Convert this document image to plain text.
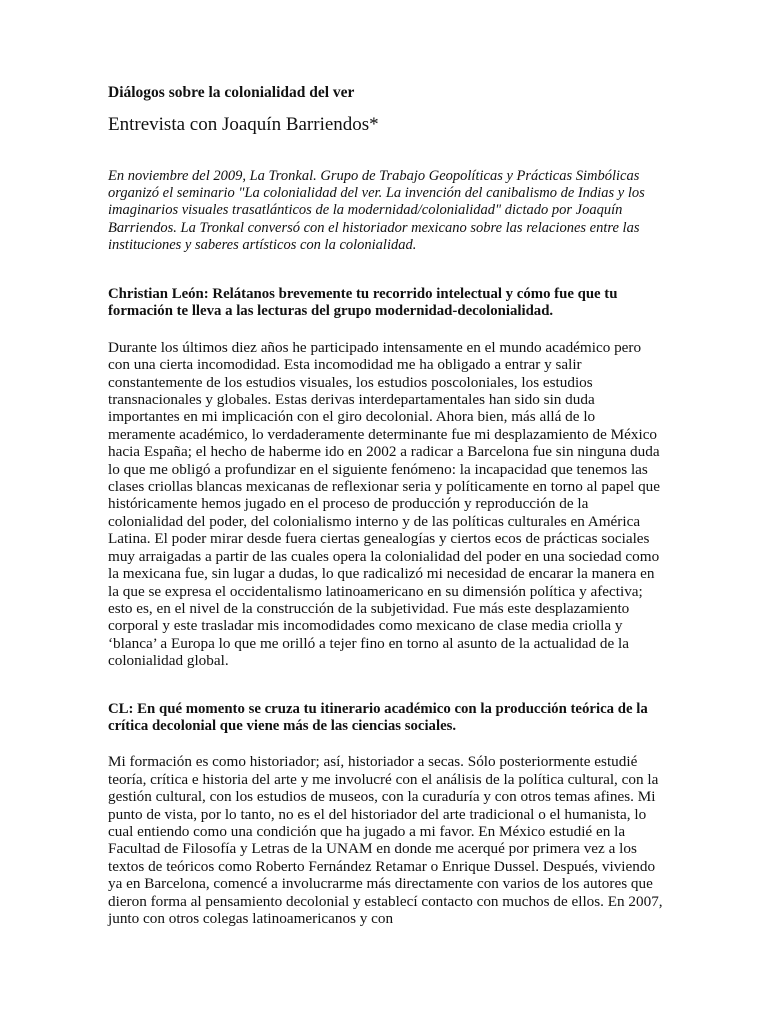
Diálogos sobre la colonialidad del ver
Entrevista con Joaquín Barriendos*

En noviembre del 2009, La Tronkal. Grupo de Trabajo Geopolíticas y Prácticas Simbólicas organizó el seminario "La colonialidad del ver. La invención del canibalismo de Indias y los imaginarios visuales trasatlánticos de la modernidad/colonialidad" dictado por Joaquín Barriendos. La Tronkal conversó con el historiador mexicano sobre las relaciones entre las instituciones y saberes artísticos con la colonialidad.

Christian León: Relátanos brevemente tu recorrido intelectual y cómo fue que tu formación te lleva a las lecturas del grupo modernidad-decolonialidad.

Durante los últimos diez años he participado intensamente en el mundo académico pero con una cierta incomodidad. Esta incomodidad me ha obligado a entrar y salir constantemente de los estudios visuales, los estudios poscoloniales, los estudios transnacionales y globales. Estas derivas interdepartamentales han sido sin duda importantes en mi implicación con el giro decolonial. Ahora bien, más allá de lo meramente académico, lo verdaderamente determinante fue mi desplazamiento de México hacia España; el hecho de haberme ido en 2002 a radicar a Barcelona fue sin ninguna duda lo que me obligó a profundizar en el siguiente fenómeno: la incapacidad que tenemos las clases criollas blancas mexicanas de reflexionar seria y políticamente en torno al papel que históricamente hemos jugado en el proceso de producción y reproducción de la colonialidad del poder, del colonialismo interno y de las políticas culturales en América Latina. El poder mirar desde fuera ciertas genealogías y ciertos ecos de prácticas sociales muy arraigadas a partir de las cuales opera la colonialidad del poder en una sociedad como la mexicana fue, sin lugar a dudas, lo que radicalizó mi necesidad de encarar la manera en la que se expresa el occidentalismo latinoamericano en su dimensión política y afectiva; esto es, en el nivel de la construcción de la subjetividad. Fue más este desplazamiento corporal y este trasladar mis incomodidades como mexicano de clase media criolla y ‘blanca’ a Europa lo que me orilló a tejer fino en torno al asunto de la actualidad de la colonialidad global.

CL: En qué momento se cruza tu itinerario académico con la producción teórica de la crítica decolonial que viene más de las ciencias sociales.

Mi formación es como historiador; así, historiador a secas. Sólo posteriormente estudié teoría, crítica e historia del arte y me involucré con el análisis de la política cultural, con la gestión cultural, con los estudios de museos, con la curaduría y con otros temas afines. Mi punto de vista, por lo tanto, no es el del historiador del arte tradicional o el humanista, lo cual entiendo como una condición que ha jugado a mi favor. En México estudié en la Facultad de Filosofía y Letras de la UNAM en donde me acerqué por primera vez a los textos de teóricos como Roberto Fernández Retamar o Enrique Dussel. Después, viviendo ya en Barcelona, comencé a involucrarme más directamente con varios de los autores que dieron forma al pensamiento decolonial y establecí contacto con muchos de ellos. En 2007, junto con otros colegas latinoamericanos y con
